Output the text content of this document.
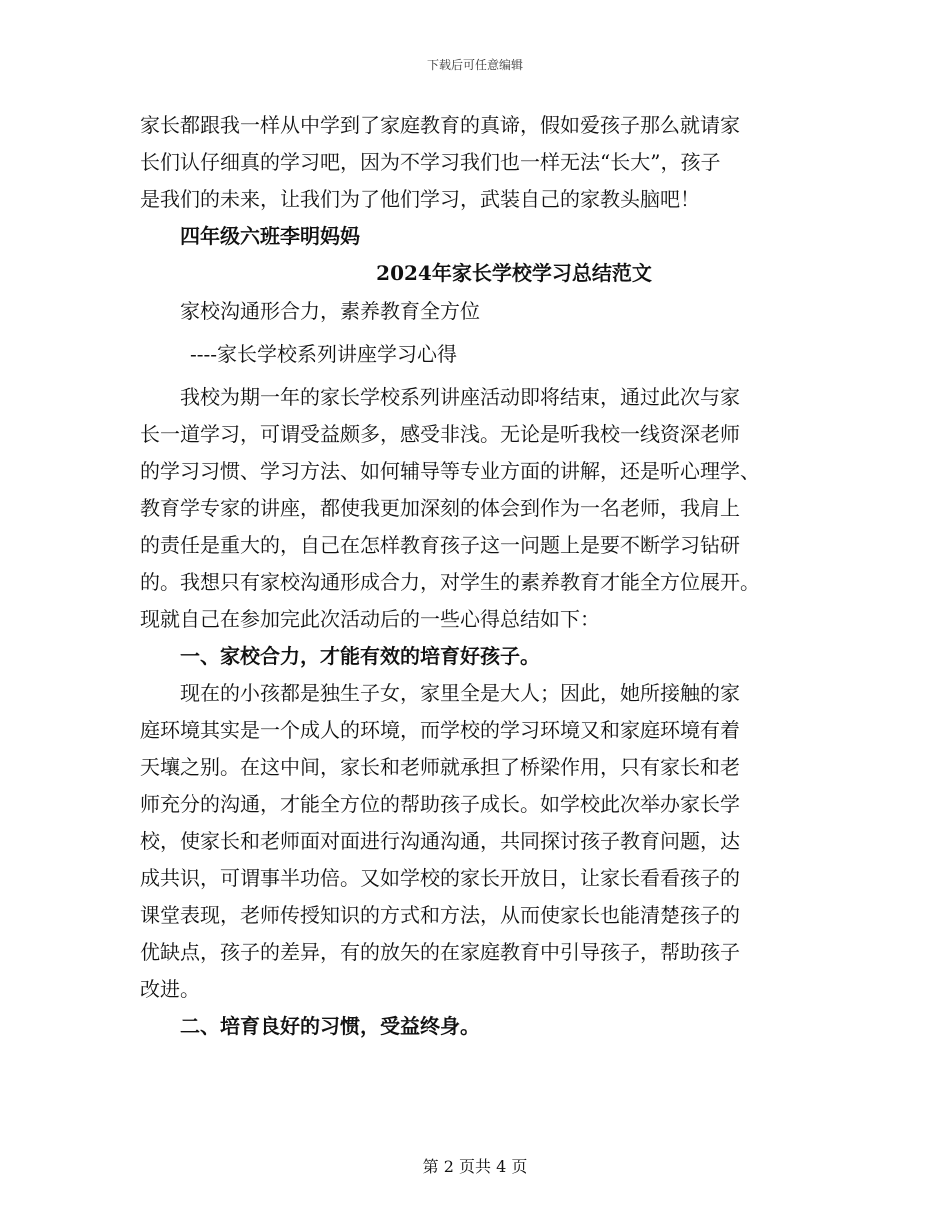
下载后可任意编辑
家长都跟我一样从中学到了家庭教育的真谛，假如爱孩子那么就请家
长们认仔细真的学习吧，因为不学习我们也一样无法“长大”，孩子
是我们的未来，让我们为了他们学习，武装自己的家教头脑吧！
四年级六班李明妈妈
2024年家长学校学习总结范文
家校沟通形合力，素养教育全方位
----家长学校系列讲座学习心得
我校为期一年的家长学校系列讲座活动即将结束，通过此次与家
长一道学习，可谓受益颇多，感受非浅。无论是听我校一线资深老师
的学习习惯、学习方法、如何辅导等专业方面的讲解，还是听心理学、
教育学专家的讲座，都使我更加深刻的体会到作为一名老师，我肩上
的责任是重大的，自己在怎样教育孩子这一问题上是要不断学习钻研
的。我想只有家校沟通形成合力，对学生的素养教育才能全方位展开。
现就自己在参加完此次活动后的一些心得总结如下：
一、家校合力，才能有效的培育好孩子。
现在的小孩都是独生子女，家里全是大人；因此，她所接触的家
庭环境其实是一个成人的环境，而学校的学习环境又和家庭环境有着
天壤之别。在这中间，家长和老师就承担了桥梁作用，只有家长和老
师充分的沟通，才能全方位的帮助孩子成长。如学校此次举办家长学
校，使家长和老师面对面进行沟通沟通，共同探讨孩子教育问题，达
成共识，可谓事半功倍。又如学校的家长开放日，让家长看看孩子的
课堂表现，老师传授知识的方式和方法，从而使家长也能清楚孩子的
优缺点，孩子的差异，有的放矢的在家庭教育中引导孩子，帮助孩子
改进。
二、培育良好的习惯，受益终身。
第 2 页共 4 页
